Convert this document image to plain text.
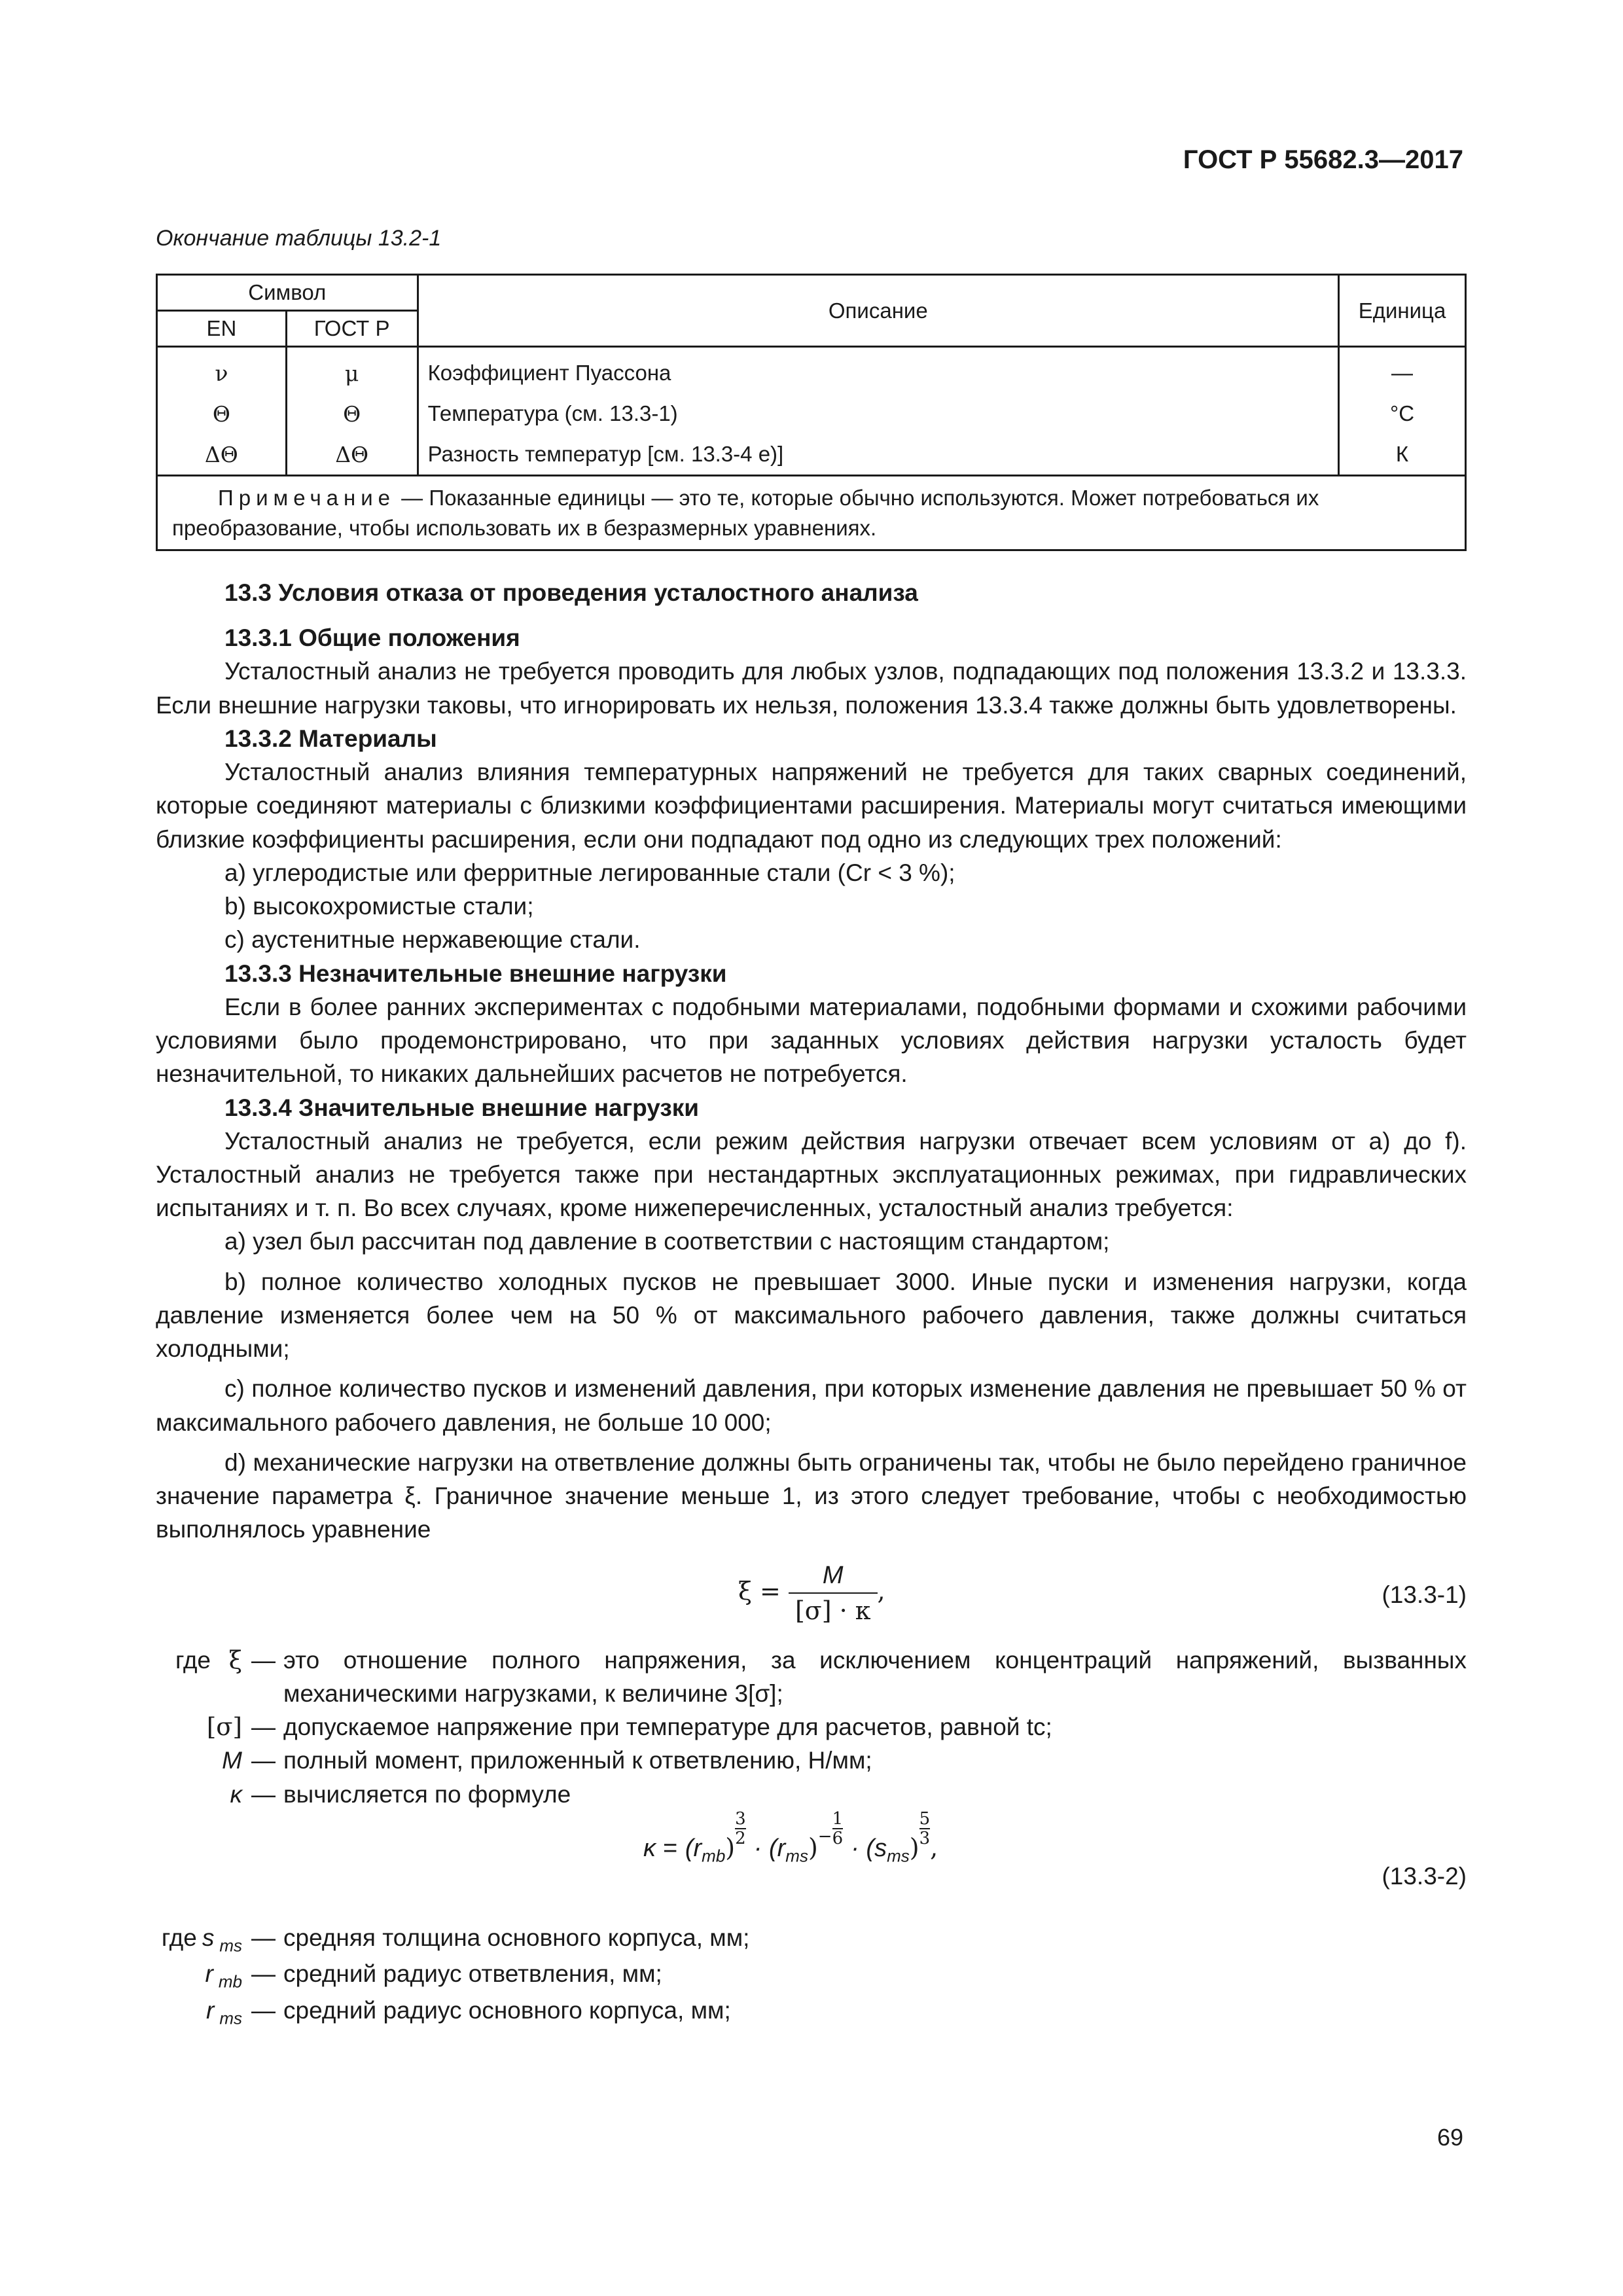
ГОСТ Р 55682.3—2017
Окончание таблицы 13.2-1
Символ		Описание	Единица
EN	ГОСТ Р		
ν	μ	Коэффициент Пуассона	—
Θ	Θ	Температура (см. 13.3-1)	°C
ΔΘ	ΔΘ	Разность температур [см. 13.3-4 е)]	К
Примечание — Показанные единицы — это те, которые обычно используются. Может потребоваться их преобразование, чтобы использовать их в безразмерных уравнениях.			

13.3 Условия отказа от проведения усталостного анализа

13.3.1 Общие положения

Усталостный анализ не требуется проводить для любых узлов, подпадающих под положения 13.3.2 и 13.3.3. Если внешние нагрузки таковы, что игнорировать их нельзя, положения 13.3.4 также должны быть удовлетворены.

13.3.2 Материалы

Усталостный анализ влияния температурных напряжений не требуется для таких сварных соединений, которые соединяют материалы с близкими коэффициентами расширения. Материалы могут считаться имеющими близкие коэффициенты расширения, если они подпадают под одно из следующих трех положений:

a) углеродистые или ферритные легированные стали (Cr < 3 %);

b) высокохромистые стали;

c) аустенитные нержавеющие стали.

13.3.3 Незначительные внешние нагрузки

Если в более ранних экспериментах с подобными материалами, подобными формами и схожими рабочими условиями было продемонстрировано, что при заданных условиях действия нагрузки усталость будет незначительной, то никаких дальнейших расчетов не потребуется.

13.3.4 Значительные внешние нагрузки

Усталостный анализ не требуется, если режим действия нагрузки отвечает всем условиям от a) до f). Усталостный анализ не требуется также при нестандартных эксплуатационных режимах, при гидравлических испытаниях и т. п. Во всех случаях, кроме нижеперечисленных, усталостный анализ требуется:

a) узел был рассчитан под давление в соответствии с настоящим стандартом;

b) полное количество холодных пусков не превышает 3000. Иные пуски и изменения нагрузки, когда давление изменяется более чем на 50 % от максимального рабочего давления, также должны считаться холодными;

c) полное количество пусков и изменений давления, при которых изменение давления не превышает 50 % от максимального рабочего давления, не больше 10 000;

d) механические нагрузки на ответвление должны быть ограничены так, чтобы не было перейдено граничное значение параметра ξ. Граничное значение меньше 1, из этого следует требование, чтобы с необходимостью выполнялось уравнение

$\xi = \frac{M}{[\sigma] \cdot \kappa}$ ,	(13.3-1)
где ξ — это отношение полного напряжения, за исключением концентраций напряжений, вызванных механическими нагрузками, к величине 3[σ];
[σ] — допускаемое напряжение при температуре для расчетов, равной tc;
M — полный момент, приложенный к ответвлению, Н/мм;
κ — вычисляется по формуле
$\kappa = (r_{mb}) \frac{3}{2} \cdot (r_{ms})^- \frac{1}{6} \cdot (s_{ms}) \frac{5}{3}$ ,
(13.3-2)
где s $_{ms}$ — средняя толщина основного корпуса, мм;
r $_{mb}$ — средний радиус ответвления, мм;
r $_{ms}$ — средний радиус основного корпуса, мм;
69
